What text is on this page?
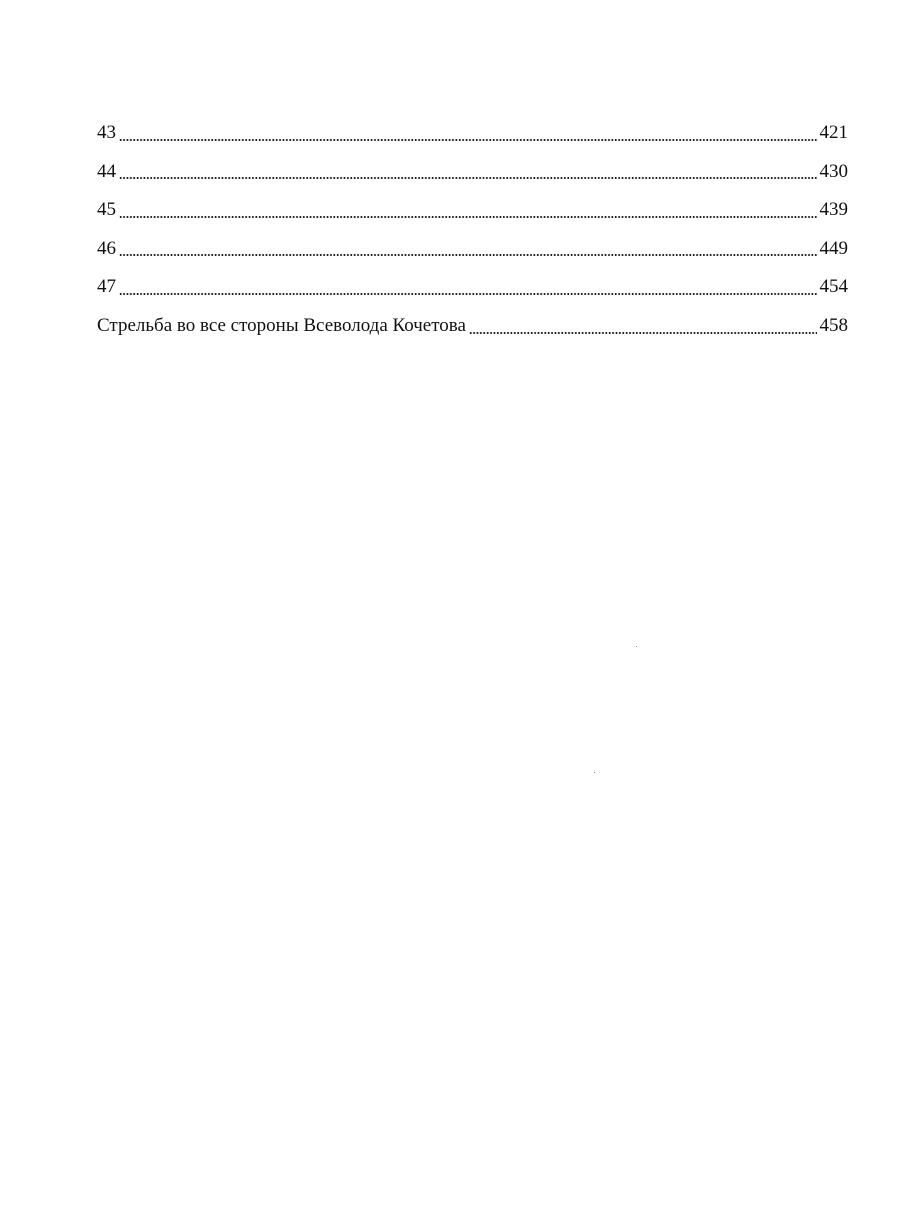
43	421
44	430
45	439
46	449
47	454
Стрельба во все стороны Всеволода Кочетова	458
